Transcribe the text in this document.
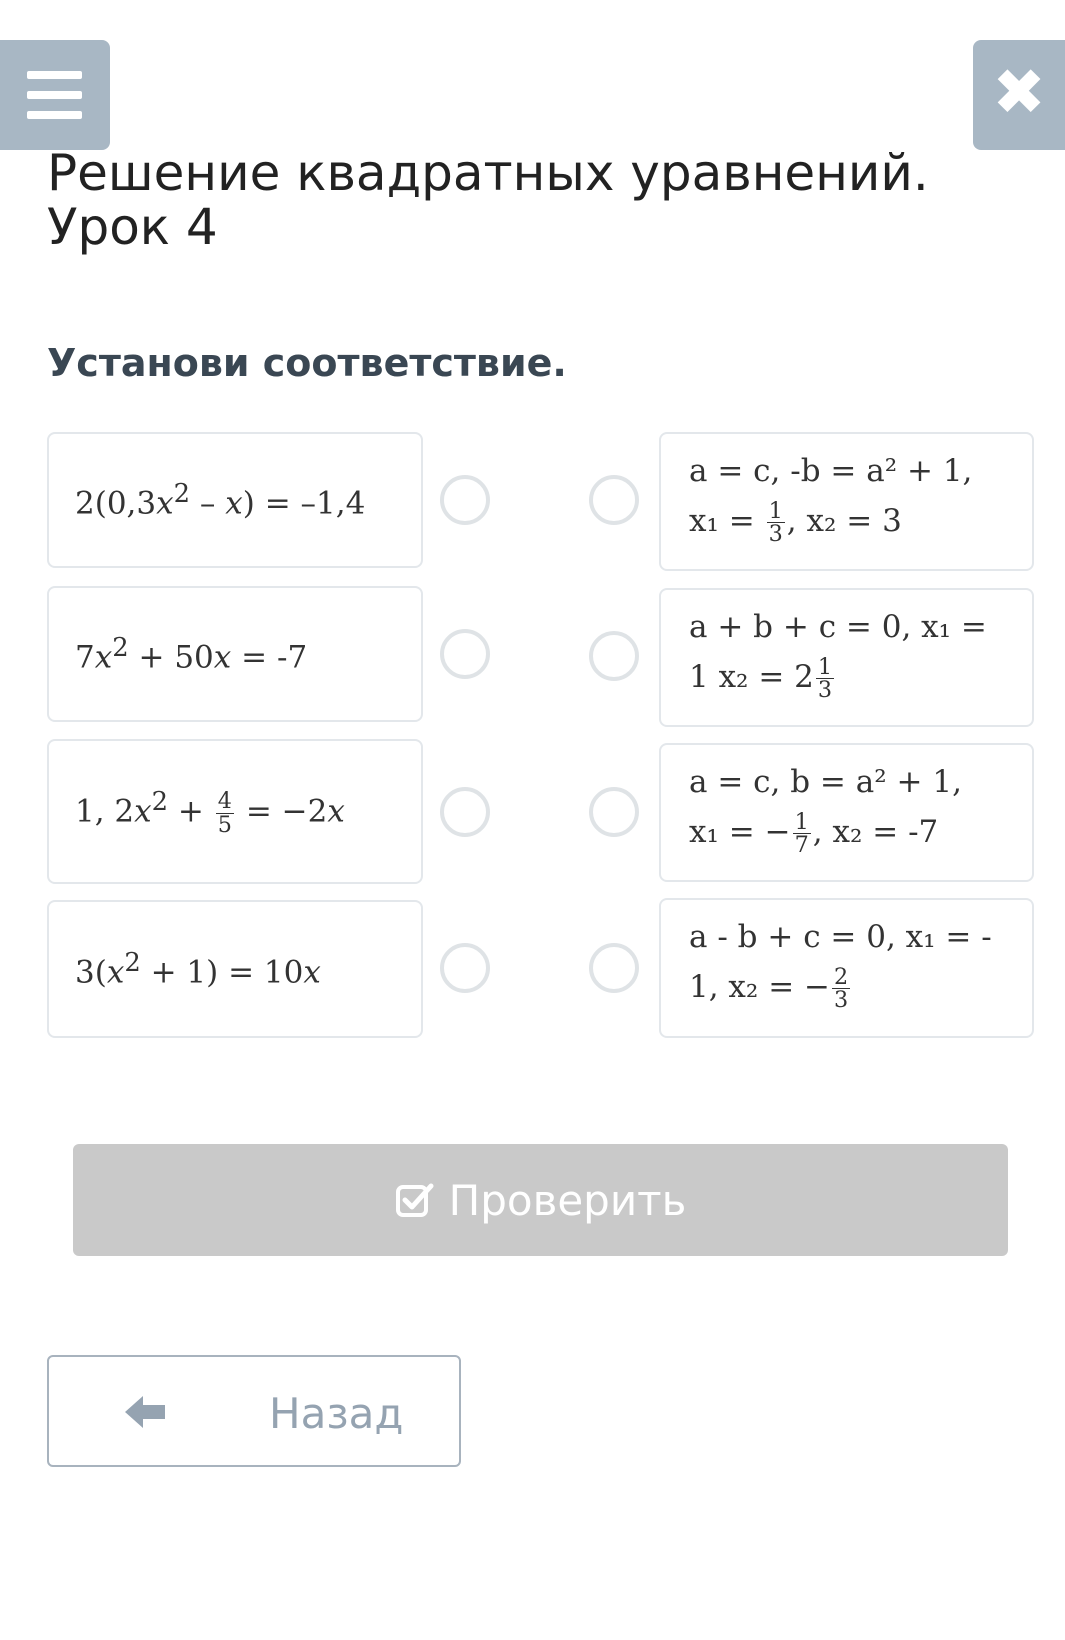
✖
Решение квадратных уравнений. Урок 4
Установи соответствие.
$2(0,3x^2 - x) = -1,4$
$7x^2 + 50x = -7$
1, $2x^2 + \frac{4}{5} = -2x$
$3(x^2 + 1) = 10x$
a = c, -b = a² + 1,
$x_1 = \frac{1}{3}$ , x₂ = 3
a + b + c = 0, x₁ =
1 $x_2 = 2 \frac{1}{3}$
a = c, b = a² + 1,
x₁ = − $\frac{1}{7}$ , x₂ = -7
a - b + c = 0, x₁ = -
1, x₂ = − $\frac{2}{3}$
Проверить
Назад
